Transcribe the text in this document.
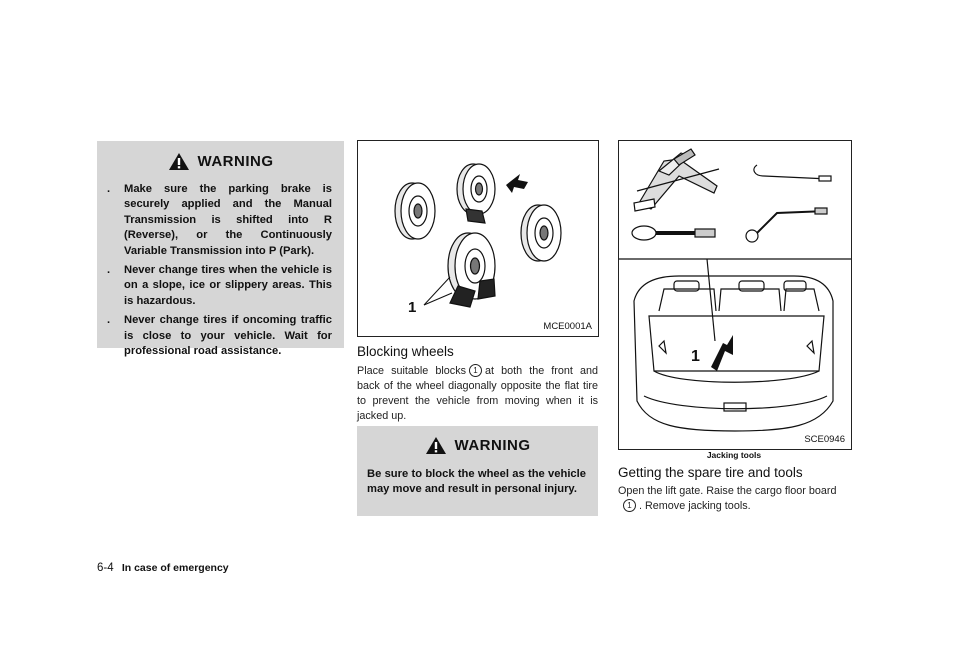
WARNING
. Make sure the parking brake is securely applied and the Manual Transmission is shifted into R (Reverse), or the Continuously Variable Transmission into P (Park).
. Never change tires when the vehicle is on a slope, ice or slippery areas. This is hazardous.
. Never change tires if oncoming traffic is close to your vehicle. Wait for professional road assistance.
1
MCE0001A
Blocking wheels
Place suitable blocks 1 at both the front and back of the wheel diagonally opposite the flat tire to prevent the vehicle from moving when it is jacked up.
WARNING
Be sure to block the wheel as the vehicle may move and result in personal injury.
1
SCE0946
Jacking tools
Getting the spare tire and tools
Open the lift gate. Raise the cargo floor board
1 . Remove jacking tools.
6-4 In case of emergency
